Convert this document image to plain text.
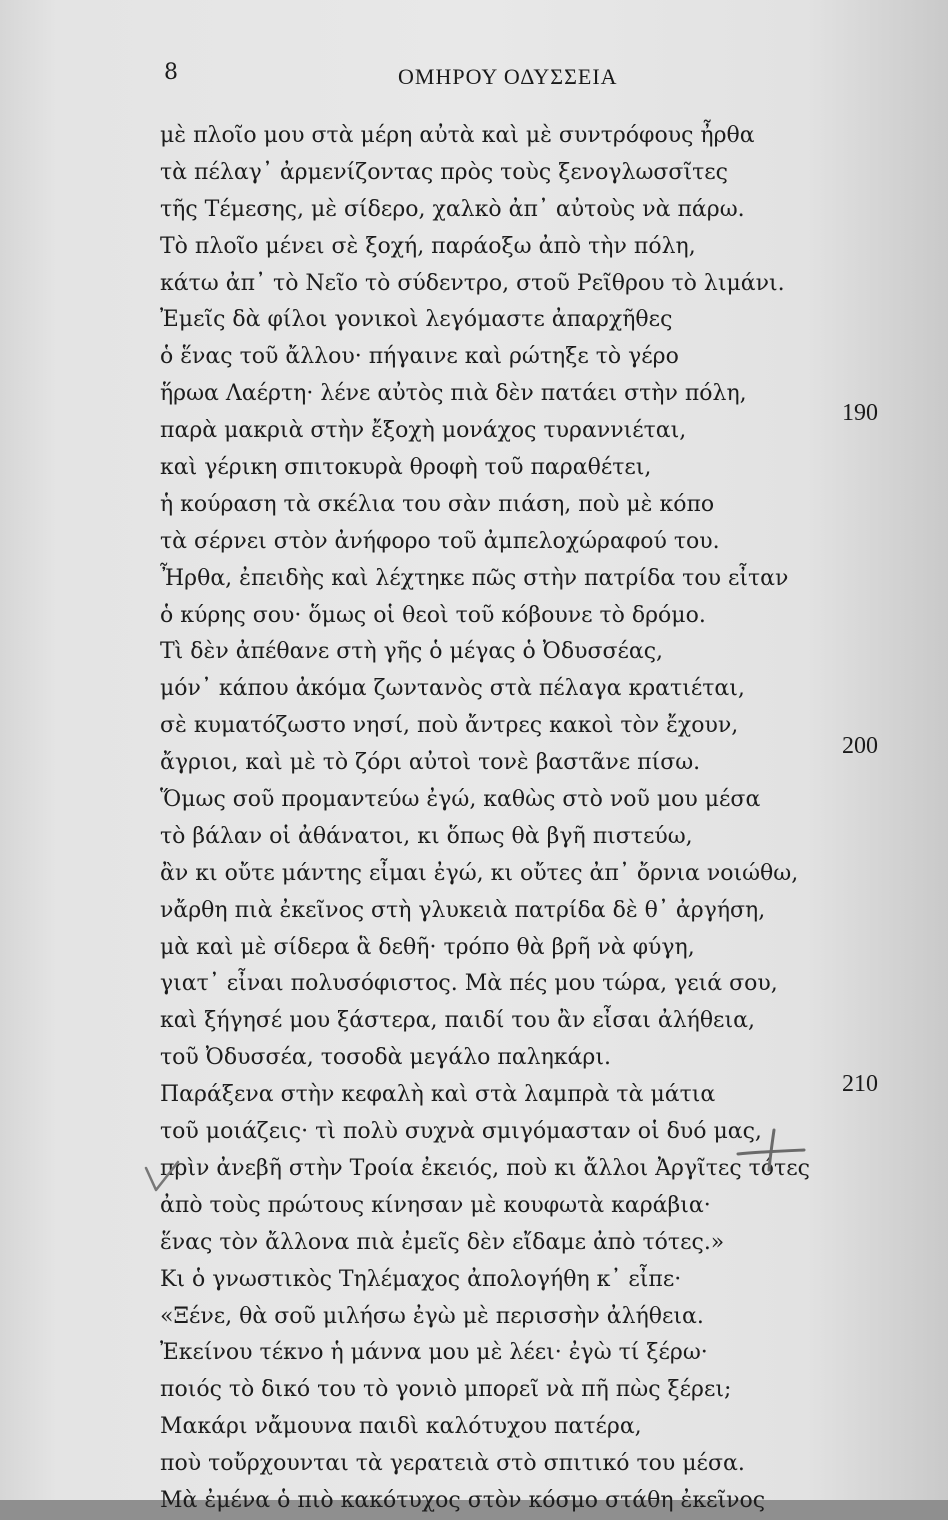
8	ΟΜΗΡΟΥ ΟΔΥΣΣΕΙΑ
μὲ πλοῖο μου στὰ μέρη αὐτὰ καὶ μὲ συντρόφους ἦρθα
τὰ πέλαγ᾽ ἀρμενίζοντας πρὸς τοὺς ξενογλωσσῖτες
τῆς Τέμεσης, μὲ σίδερο, χαλκὸ ἀπ᾽ αὐτοὺς νὰ πάρω.
Τὸ πλοῖο μένει σὲ ξοχή, παράοξω ἀπὸ τὴν πόλη,
κάτω ἀπ᾽ τὸ Νεῖο τὸ σύδεντρο, στοῦ Ρεῖθρου τὸ λιμάνι.
Ἐμεῖς δὰ φίλοι γονικοὶ λεγόμαστε ἀπαρχῆθες
ὁ ἕνας τοῦ ἄλλου· πήγαινε καὶ ρώτηξε τὸ γέρο
ἥρωα Λαέρτη· λένε αὐτὸς πιὰ δὲν πατάει στὴν πόλη,
παρὰ μακριὰ στὴν ἔξοχὴ μονάχος τυραννιέται,
καὶ γέρικη σπιτοκυρὰ θροφὴ τοῦ παραθέτει,
ἡ κούραση τὰ σκέλια του σὰν πιάση, ποὺ μὲ κόπο
τὰ σέρνει στὸν ἀνήφορο τοῦ ἀμπελοχώραφού του.
Ἦρθα, ἐπειδὴς καὶ λέχτηκε πῶς στὴν πατρίδα του εἶταν
ὁ κύρης σου· ὅμως οἱ θεοὶ τοῦ κόβουνε τὸ δρόμο.
Τὶ δὲν ἀπέθανε στὴ γῆς ὁ μέγας ὁ Ὀδυσσέας,
μόν᾽ κάπου ἀκόμα ζωντανὸς στὰ πέλαγα κρατιέται,
σὲ κυματόζωστο νησί, ποὺ ἄντρες κακοὶ τὸν ἔχουν,
ἄγριοι, καὶ μὲ τὸ ζόρι αὐτοὶ τονὲ βαστᾶνε πίσω.
Ὅμως σοῦ προμαντεύω ἐγώ, καθὼς στὸ νοῦ μου μέσα
τὸ βάλαν οἱ ἀθάνατοι, κι ὅπως θὰ βγῆ πιστεύω,
ἂν κι οὔτε μάντης εἶμαι ἐγώ, κι οὔτες ἀπ᾽ ὄρνια νοιώθω,
νἄρθη πιὰ ἐκεῖνος στὴ γλυκειὰ πατρίδα δὲ θ᾽ ἀργήση,
μὰ καὶ μὲ σίδερα ἃ δεθῆ· τρόπο θὰ βρῆ νὰ φύγη,
γιατ᾽ εἶναι πολυσόφιστος. Μὰ πές μου τώρα, γειά σου,
καὶ ξήγησέ μου ξάστερα, παιδί του ἂν εἶσαι ἀλήθεια,
τοῦ Ὀδυσσέα, τοσοδὰ μεγάλο παληκάρι.
Παράξενα στὴν κεφαλὴ καὶ στὰ λαμπρὰ τὰ μάτια
τοῦ μοιάζεις· τὶ πολὺ συχνὰ σμιγόμασταν οἱ δυό μας,
πρὶν ἀνεβῆ στὴν Τροία ἐκειός, ποὺ κι ἄλλοι Ἀργῖτες τότες
ἀπὸ τοὺς πρώτους κίνησαν μὲ κουφωτὰ καράβια·
ἕνας τὸν ἄλλονα πιὰ ἐμεῖς δὲν εἴδαμε ἀπὸ τότες.»
Κι ὁ γνωστικὸς Τηλέμαχος ἀπολογήθη κ᾽ εἶπε·
«Ξένε, θὰ σοῦ μιλήσω ἐγὼ μὲ περισσὴν ἀλήθεια.
Ἐκείνου τέκνο ἡ μάννα μου μὲ λέει· ἐγὼ τί ξέρω·
ποιός τὸ δικό του τὸ γονιὸ μπορεῖ νὰ πῆ πὼς ξέρει;
Μακάρι νἄμουνα παιδὶ καλότυχου πατέρα,
ποὺ τοὔρχουνται τὰ γερατειὰ στὸ σπιτικό του μέσα.
Μὰ ἐμένα ὁ πιὸ κακότυχος στὸν κόσμο στάθη ἐκεῖνος
190
200
210
